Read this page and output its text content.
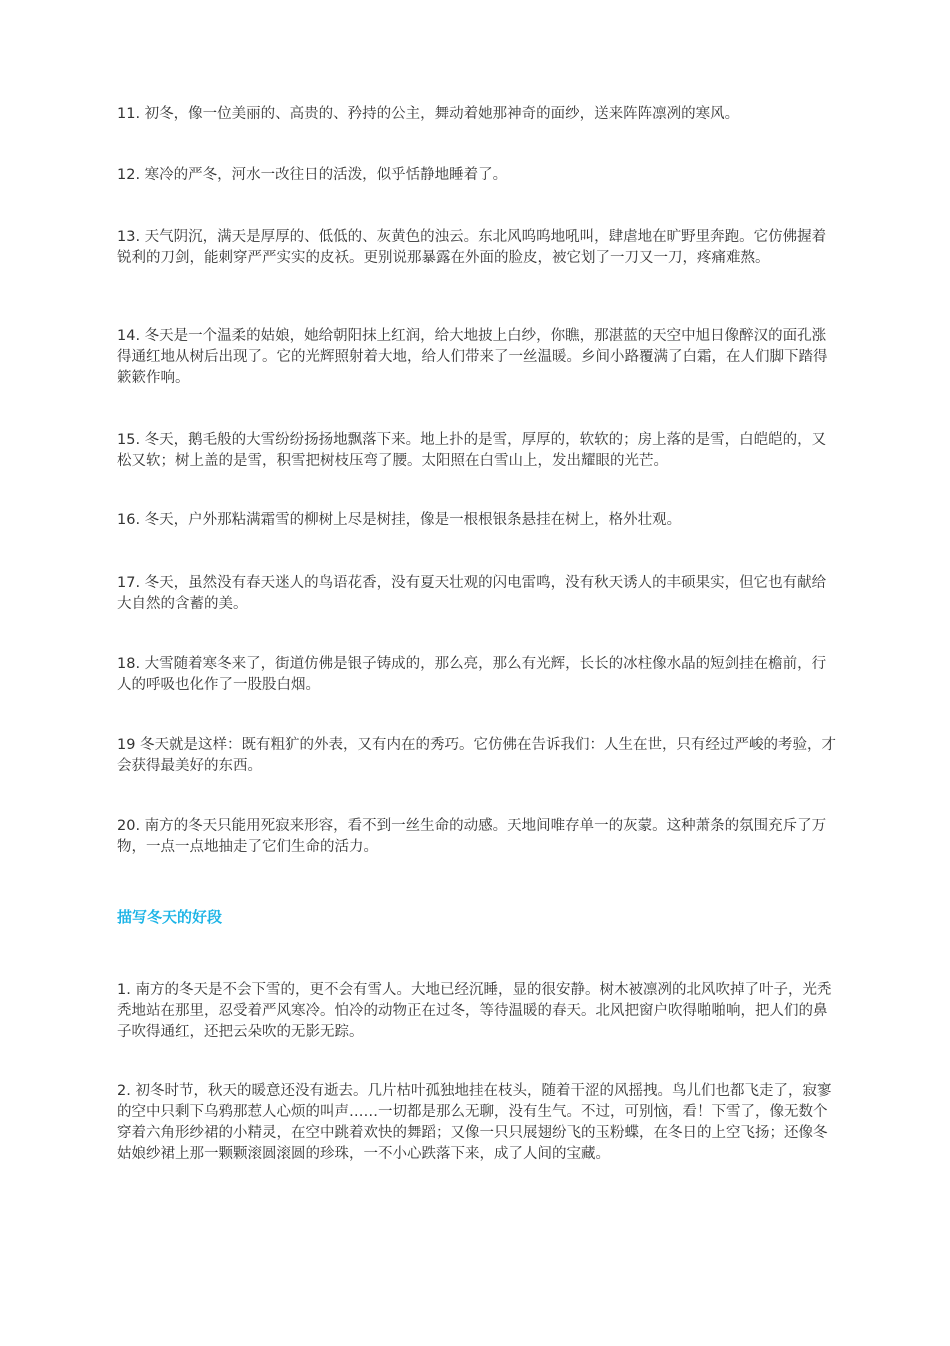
11. 初冬，像一位美丽的、高贵的、矜持的公主，舞动着她那神奇的面纱，送来阵阵凛冽的寒风。

12. 寒冷的严冬，河水一改往日的活泼，似乎恬静地睡着了。

13. 天气阴沉，满天是厚厚的、低低的、灰黄色的浊云。东北风呜呜地吼叫，肆虐地在旷野里奔跑。它仿佛握着锐利的刀剑，能刺穿严严实实的皮袄。更别说那暴露在外面的脸皮，被它划了一刀又一刀，疼痛难熬。

14. 冬天是一个温柔的姑娘，她给朝阳抹上红润，给大地披上白纱，你瞧，那湛蓝的天空中旭日像醉汉的面孔涨得通红地从树后出现了。它的光辉照射着大地，给人们带来了一丝温暖。乡间小路覆满了白霜，在人们脚下踏得簌簌作响。

15. 冬天，鹅毛般的大雪纷纷扬扬地飘落下来。地上扑的是雪，厚厚的，软软的；房上落的是雪，白皑皑的，又松又软；树上盖的是雪，积雪把树枝压弯了腰。太阳照在白雪山上，发出耀眼的光芒。

16. 冬天，户外那粘满霜雪的柳树上尽是树挂，像是一根根银条悬挂在树上，格外壮观。

17. 冬天，虽然没有春天迷人的鸟语花香，没有夏天壮观的闪电雷鸣，没有秋天诱人的丰硕果实，但它也有献给大自然的含蓄的美。

18. 大雪随着寒冬来了，街道仿佛是银子铸成的，那么亮，那么有光辉，长长的冰柱像水晶的短剑挂在檐前，行人的呼吸也化作了一股股白烟。

19 冬天就是这样：既有粗犷的外表，又有内在的秀巧。它仿佛在告诉我们：人生在世，只有经过严峻的考验，才会获得最美好的东西。

20. 南方的冬天只能用死寂来形容，看不到一丝生命的动感。天地间唯存单一的灰蒙。这种萧条的氛围充斥了万物，一点一点地抽走了它们生命的活力。

描写冬天的好段

1. 南方的冬天是不会下雪的，更不会有雪人。大地已经沉睡，显的很安静。树木被凛冽的北风吹掉了叶子，光秃秃地站在那里，忍受着严风寒冷。怕冷的动物正在过冬，等待温暖的春天。北风把窗户吹得啪啪响，把人们的鼻子吹得通红，还把云朵吹的无影无踪。

2. 初冬时节，秋天的暖意还没有逝去。几片枯叶孤独地挂在枝头，随着干涩的风摇拽。鸟儿们也都飞走了，寂寥的空中只剩下乌鸦那惹人心烦的叫声……一切都是那么无聊，没有生气。不过，可别恼，看！下雪了，像无数个穿着六角形纱裙的小精灵，在空中跳着欢快的舞蹈；又像一只只展翅纷飞的玉粉蝶，在冬日的上空飞扬；还像冬姑娘纱裙上那一颗颗滚圆滚圆的珍珠，一不小心跌落下来，成了人间的宝藏。
